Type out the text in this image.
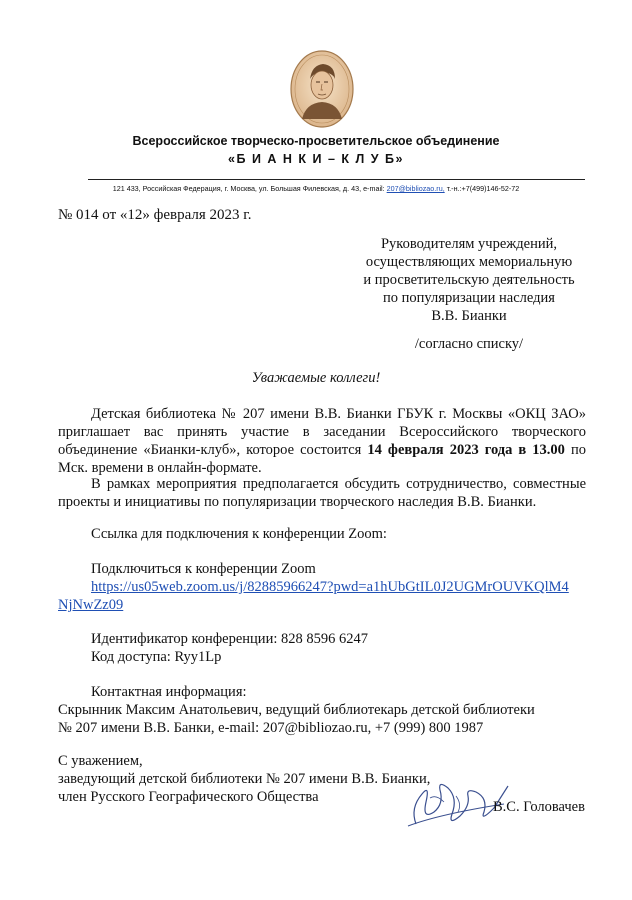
Всероссийское творческо-просветительское объединение
«Б И А Н К И – К Л У Б»
121 433, Российская Федерация, г. Москва, ул. Большая Филевская, д. 43, e-mail: 207@bibliozao.ru, т.-н.:+7(499)146-52-72
№ 014 от «12» февраля 2023 г.
Руководителям учреждений,
осуществляющих мемориальную
и просветительскую деятельность
по популяризации наследия
В.В. Бианки
/согласно списку/
Уважаемые коллеги!
Детская библиотека № 207 имени В.В. Бианки ГБУК г. Москвы «ОКЦ ЗАО» приглашает вас принять участие в заседании Всероссийского творческого объединение «Бианки-клуб», которое состоится 14 февраля 2023 года в 13.00 по Мск. времени в онлайн-формате.
В рамках мероприятия предполагается обсудить сотрудничество, совместные проекты и инициативы по популяризации творческого наследия В.В. Бианки.
Ссылка для подключения к конференции Zoom:
Подключиться к конференции Zoom
https://us05web.zoom.us/j/82885966247?pwd=a1hUbGtIL0J2UGMrOUVKQlM4
NjNwZz09
Идентификатор конференции: 828 8596 6247
Код доступа: Ryy1Lp
Контактная информация:
Скрынник Максим Анатольевич, ведущий библиотекарь детской библиотеки
№ 207 имени В.В. Банки, e-mail: 207@bibliozao.ru, +7 (999) 800 1987
С уважением,
заведующий детской библиотеки № 207 имени В.В. Бианки,
член Русского Географического Общества
В.С. Головачев
